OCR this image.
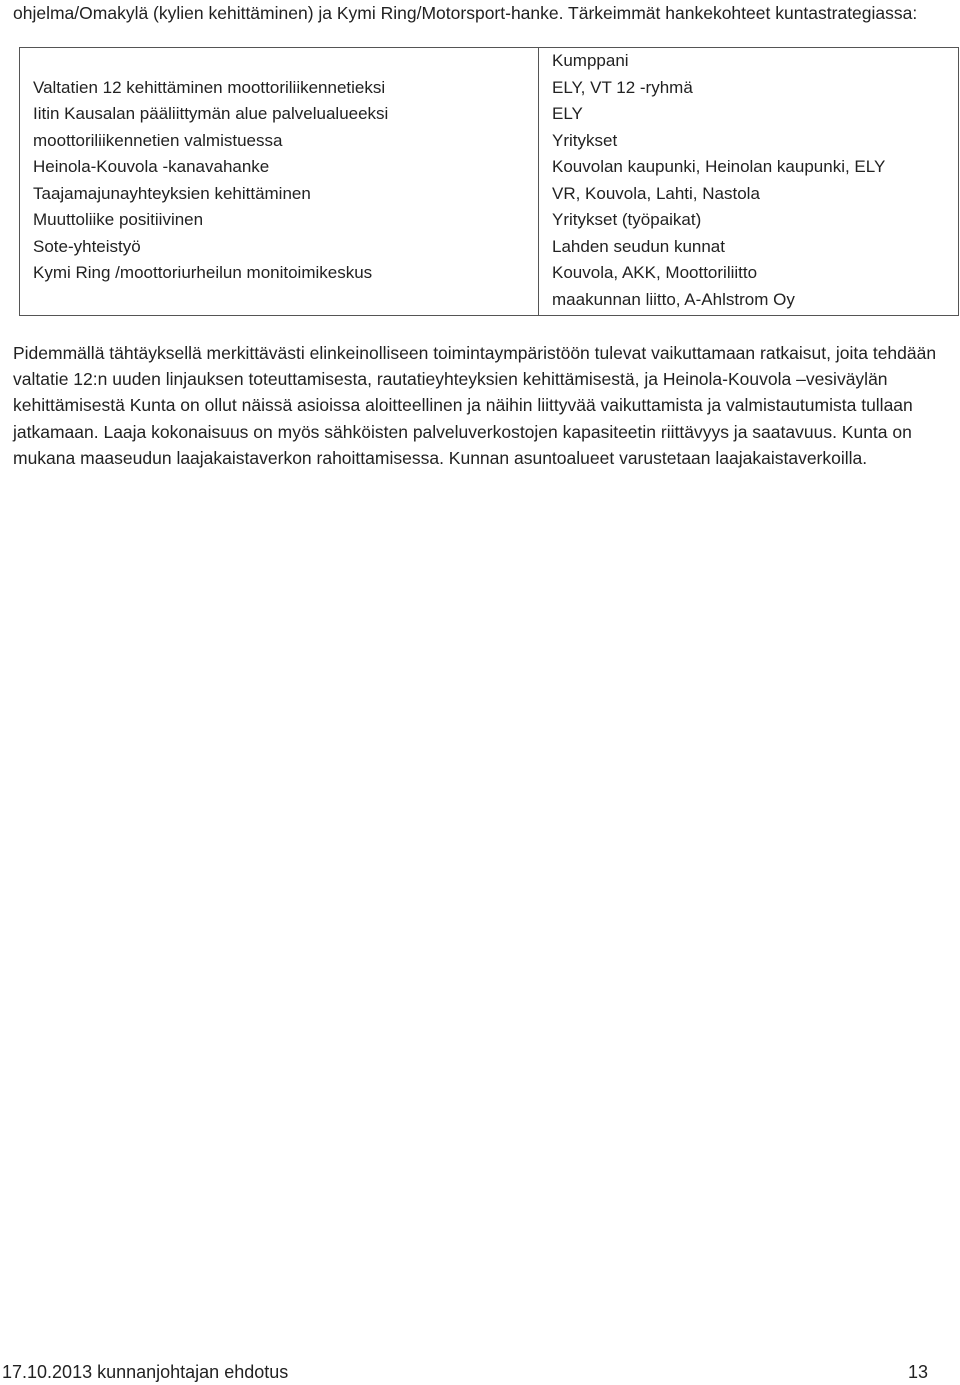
ohjelma/Omakylä (kylien kehittäminen) ja Kymi Ring/Motorsport-hanke. Tärkeimmät hankekohteet kuntastrategiassa:

	Kumppani
Valtatien 12 kehittäminen moottoriliikennetieksi	ELY, VT 12 -ryhmä
Iitin Kausalan pääliittymän alue palvelualueeksi	ELY
moottoriliikennetien valmistuessa	Yritykset
Heinola-Kouvola -kanavahanke	Kouvolan kaupunki, Heinolan kaupunki, ELY
Taajamajunayhteyksien kehittäminen	VR, Kouvola, Lahti, Nastola
Muuttoliike positiivinen	Yritykset (työpaikat)
Sote-yhteistyö	Lahden seudun kunnat
Kymi Ring /moottoriurheilun monitoimikeskus	Kouvola, AKK, Moottoriliitto
	maakunnan liitto, A-Ahlstrom Oy

Pidemmällä tähtäyksellä merkittävästi elinkeinolliseen toimintaympäristöön tulevat vaikuttamaan ratkaisut, joita tehdään valtatie 12:n uuden linjauksen toteuttamisesta, rautatieyhteyksien kehittämisestä, ja Heinola-Kouvola –vesiväylän kehittämisestä Kunta on ollut näissä asioissa aloitteellinen ja näihin liittyvää vaikuttamista ja valmistautumista tullaan jatkamaan. Laaja kokonaisuus on myös sähköisten palveluverkostojen kapasiteetin riittävyys ja saatavuus. Kunta on mukana maaseudun laajakaistaverkon rahoittamisessa. Kunnan asuntoalueet varustetaan laajakaistaverkoilla.

17.10.2013 kunnanjohtajan ehdotus	13
